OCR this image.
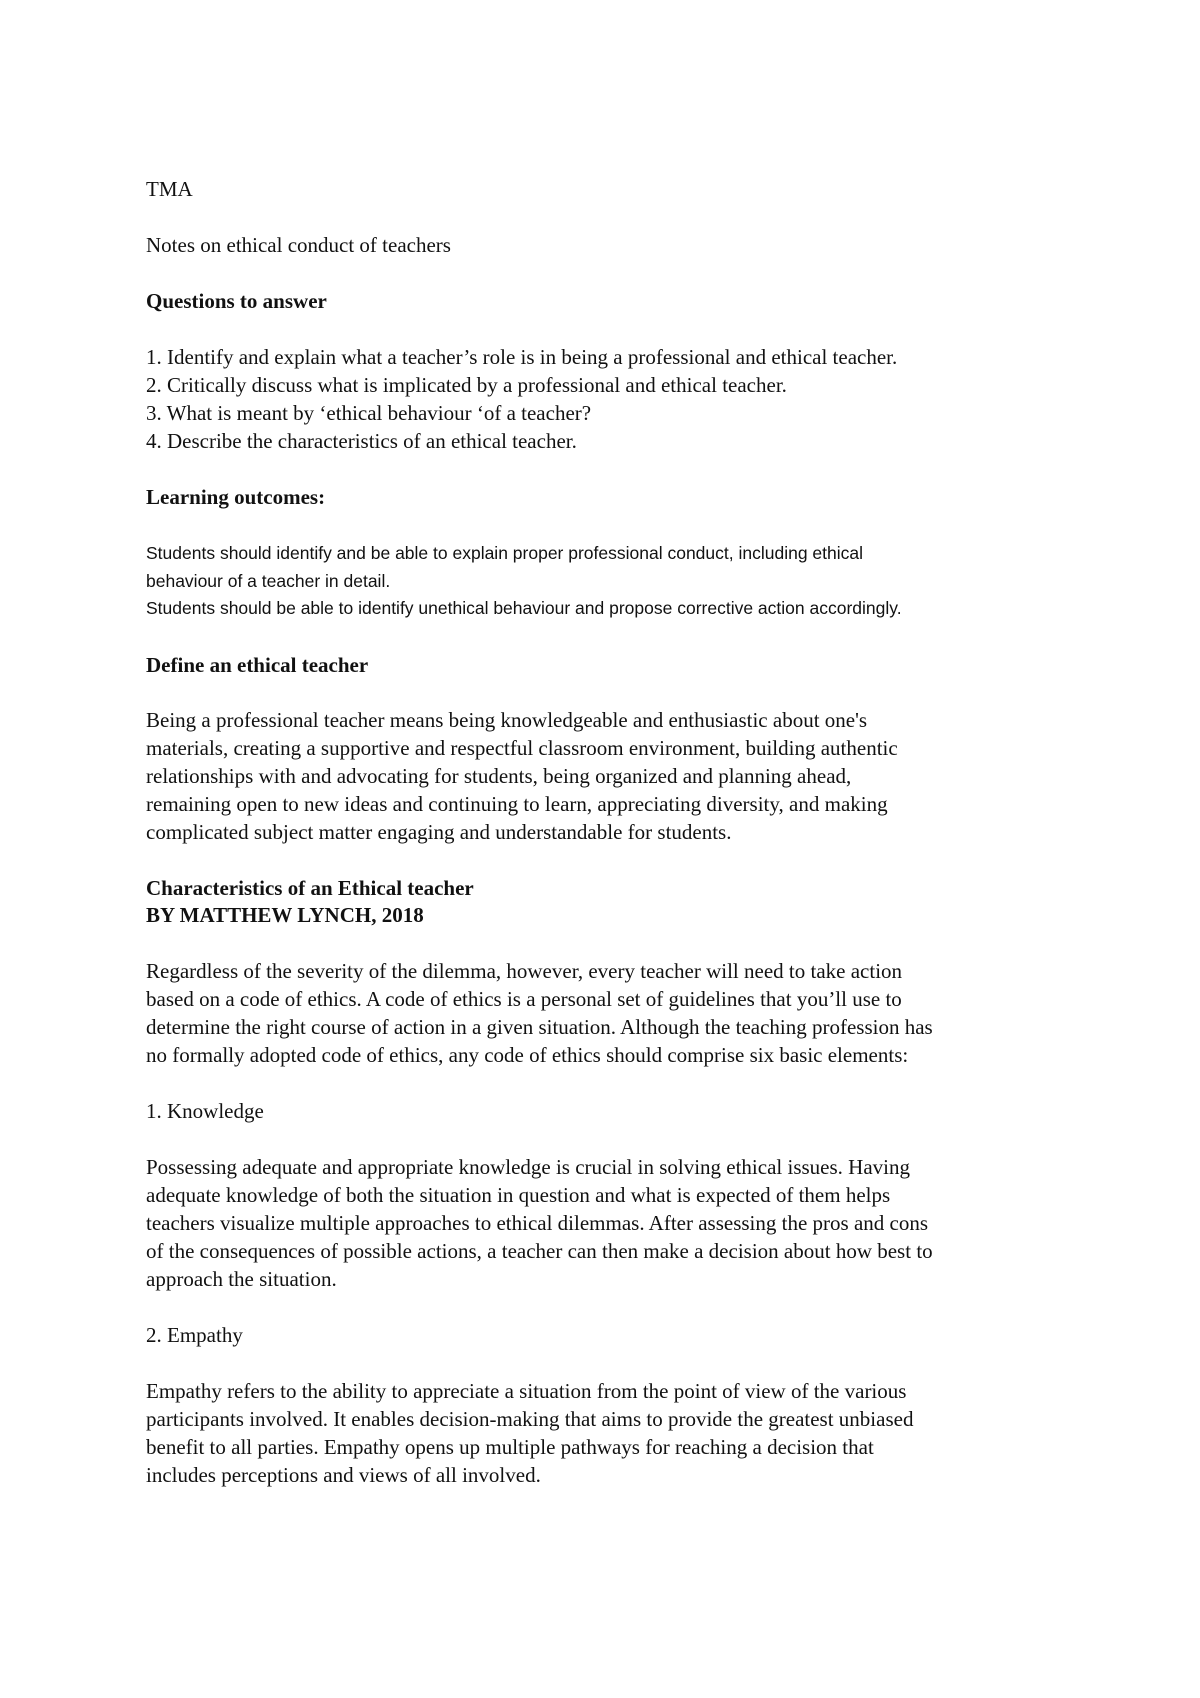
TMA
Notes on ethical conduct of teachers
Questions to answer
1. Identify and explain what a teacher’s role is in being a professional and ethical teacher.
2. Critically discuss what is implicated by a professional and ethical teacher.
3. What is meant by ‘ethical behaviour ‘of a teacher?
4. Describe the characteristics of an ethical teacher.
Learning outcomes:
Students should identify and be able to explain proper professional conduct, including ethical
behaviour of a teacher in detail.
Students should be able to identify unethical behaviour and propose corrective action accordingly.
Define an ethical teacher
Being a professional teacher means being knowledgeable and enthusiastic about one's
materials, creating a supportive and respectful classroom environment, building authentic
relationships with and advocating for students, being organized and planning ahead,
remaining open to new ideas and continuing to learn, appreciating diversity, and making
complicated subject matter engaging and understandable for students.
Characteristics of an Ethical teacher
BY MATTHEW LYNCH, 2018
Regardless of the severity of the dilemma, however, every teacher will need to take action
based on a code of ethics. A code of ethics is a personal set of guidelines that you’ll use to
determine the right course of action in a given situation. Although the teaching profession has
no formally adopted code of ethics, any code of ethics should comprise six basic elements:
1. Knowledge
Possessing adequate and appropriate knowledge is crucial in solving ethical issues. Having
adequate knowledge of both the situation in question and what is expected of them helps
teachers visualize multiple approaches to ethical dilemmas. After assessing the pros and cons
of the consequences of possible actions, a teacher can then make a decision about how best to
approach the situation.
2. Empathy
Empathy refers to the ability to appreciate a situation from the point of view of the various
participants involved. It enables decision-making that aims to provide the greatest unbiased
benefit to all parties. Empathy opens up multiple pathways for reaching a decision that
includes perceptions and views of all involved.
